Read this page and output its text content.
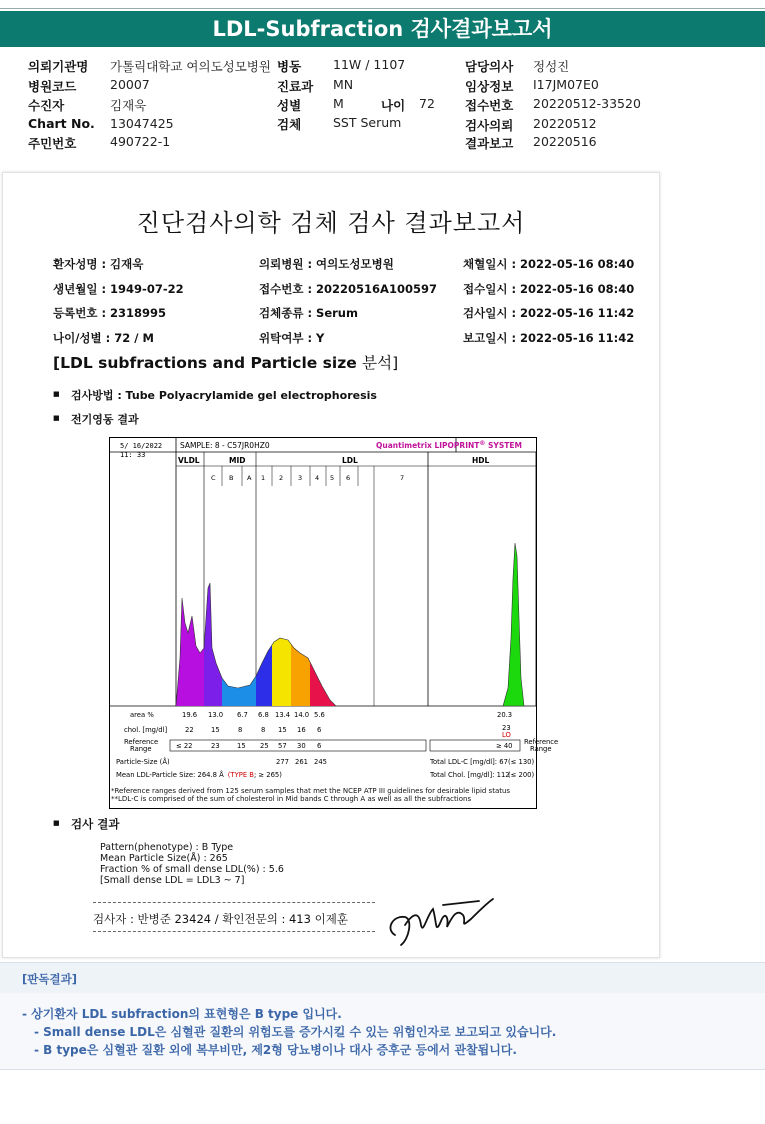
LDL-Subfraction 검사결과보고서
의뢰기관명 가톨릭대학교 여의도성모병원 병동	11W / 1107	담당의사 정성진
병원코드	20007	진료과 MN	임상정보 I17JM07E0
수진자	김재욱	성별	M	나이 72 접수번호 20220512-33520
Chart No. 13047425	검체	SST Serum	검사의뢰 20220512
주민번호	490722-1	결과보고 20220516
진단검사의학 검체 검사 결과보고서
환자성명 : 김재욱	의뢰병원 : 여의도성모병원	채혈일시 : 2022-05-16 08:40
생년월일 : 1949-07-22	접수번호 : 20220516A100597 접수일시 : 2022-05-16 08:40
등록번호 : 2318995	검체종류 : Serum	검사일시 : 2022-05-16 11:42
나이/성별 : 72 / M	위탁여부 : Y	보고일시 : 2022-05-16 11:42
[LDL subfractions and Particle size 분석]
■ 검사방법 : Tube Polyacrylamide gel electrophoresis
■ 전기영동 결과
5/ 16/2022
11: 33
SAMPLE: 8 - C57JR0HZ0	Quantimetrix LIPOPRINT® SYSTEM
VLDL	MID	LDL	HDL
C B A 1 2 3 4 5 6	7
area %	19.6 13.0 6.7 6.8 13.4 14.0 5.6	20.3
chol. [mg/dl]	22	15	8	8 15 16 6	23
LO
Reference
Range	≤ 22	23	15 25 57 30 6	≥ 40 Reference
Range
Particle-Size (Å)	277 261 245	Total LDL-C [mg/dl]: 67 (≤ 130)
Mean LDL-Particle Size: 264.8 Å (TYPE B; ≥ 265)	Total Chol. [mg/dl]: 112
(≤ 200)
*Reference ranges derived from 125 serum samples that met the NCEP ATP III guidelines for desirable lipid status
**LDL-C is comprised of the sum of cholesterol in Mid bands C through A as well as all the subfractions
■ 검사 결과
Pattern(phenotype) : B Type
Mean Particle Size(Å) : 265
Fraction % of small dense LDL(%) : 5.6
[Small dense LDL = LDL3 ~ 7]
검사자 : 반병준 23424 / 확인전문의 : 413 이제훈
[판독결과]
- 상기환자 LDL subfraction의 표현형은 B type 입니다.
- Small dense LDL은 심혈관 질환의 위험도를 증가시킬 수 있는 위험인자로 보고되고 있습니다.
- B type은 심혈관 질환 외에 복부비만, 제2형 당뇨병이나 대사 증후군 등에서 관찰됩니다.
